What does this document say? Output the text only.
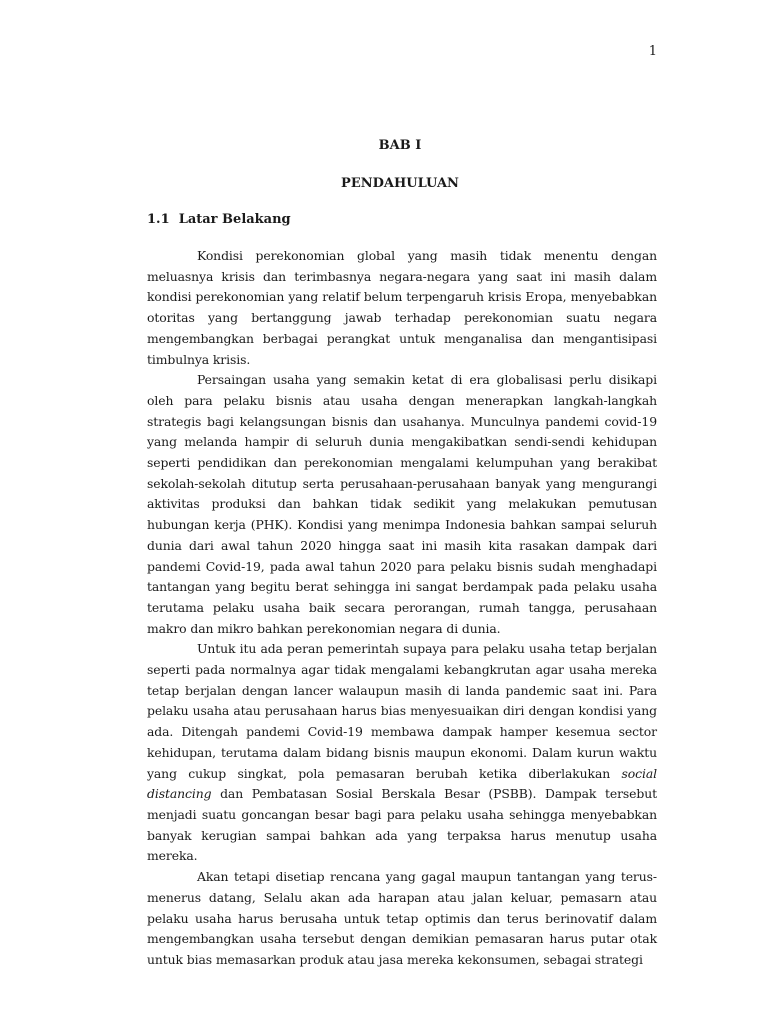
1
BAB I
PENDAHULUAN
1.1 Latar Belakang

Kondisi perekonomian global yang masih tidak menentu dengan meluasnya krisis dan terimbasnya negara-negara yang saat ini masih dalam kondisi perekonomian yang relatif belum terpengaruh krisis Eropa, menyebabkan otoritas yang bertanggung jawab terhadap perekonomian suatu negara mengembangkan berbagai perangkat untuk menganalisa dan mengantisipasi timbulnya krisis.

Persaingan usaha yang semakin ketat di era globalisasi perlu disikapi oleh para pelaku bisnis atau usaha dengan menerapkan langkah-langkah strategis bagi kelangsungan bisnis dan usahanya. Munculnya pandemi covid-19 yang melanda hampir di seluruh dunia mengakibatkan sendi-sendi kehidupan seperti pendidikan dan perekonomian mengalami kelumpuhan yang berakibat sekolah-sekolah ditutup serta perusahaan-perusahaan banyak yang mengurangi aktivitas produksi dan bahkan tidak sedikit yang melakukan pemutusan hubungan kerja (PHK). Kondisi yang menimpa Indonesia bahkan sampai seluruh dunia dari awal tahun 2020 hingga saat ini masih kita rasakan dampak dari pandemi Covid-19, pada awal tahun 2020 para pelaku bisnis sudah menghadapi tantangan yang begitu berat sehingga ini sangat berdampak pada pelaku usaha terutama pelaku usaha baik secara perorangan, rumah tangga, perusahaan makro dan mikro bahkan perekonomian negara di dunia.

Untuk itu ada peran pemerintah supaya para pelaku usaha tetap berjalan seperti pada normalnya agar tidak mengalami kebangkrutan agar usaha mereka tetap berjalan dengan lancer walaupun masih di landa pandemic saat ini. Para pelaku usaha atau perusahaan harus bias menyesuaikan diri dengan kondisi yang ada. Ditengah pandemi Covid-19 membawa dampak hamper kesemua sector kehidupan, terutama dalam bidang bisnis maupun ekonomi. Dalam kurun waktu yang cukup singkat, pola pemasaran berubah ketika diberlakukan social distancing dan Pembatasan Sosial Berskala Besar (PSBB). Dampak tersebut menjadi suatu goncangan besar bagi para pelaku usaha sehingga menyebabkan banyak kerugian sampai bahkan ada yang terpaksa harus menutup usaha mereka.

Akan tetapi disetiap rencana yang gagal maupun tantangan yang terus-menerus datang, Selalu akan ada harapan atau jalan keluar, pemasarn atau pelaku usaha harus berusaha untuk tetap optimis dan terus berinovatif dalam mengembangkan usaha tersebut dengan demikian pemasaran harus putar otak untuk bias memasarkan produk atau jasa mereka kekonsumen, sebagai strategi
